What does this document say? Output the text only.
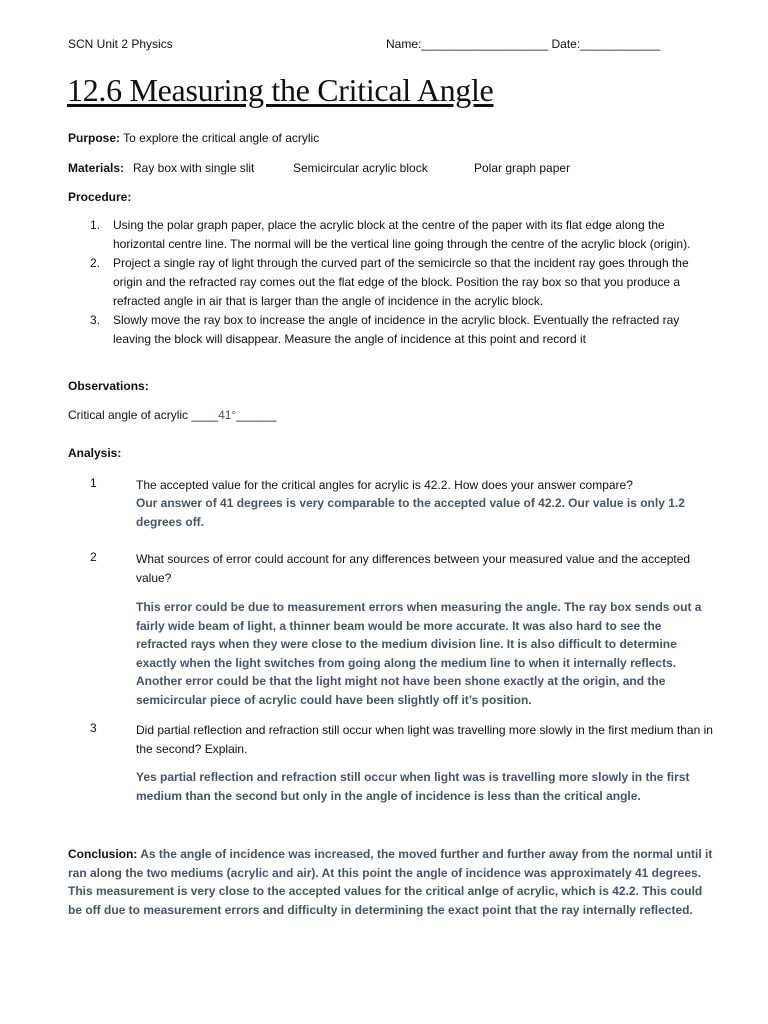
SCN Unit 2 Physics	Name:___________________ Date:____________
12.6 Measuring the Critical Angle
Purpose: To explore the critical angle of acrylic
Materials: Ray box with single slit	Semicircular acrylic block	Polar graph paper
Procedure:
1. Using the polar graph paper, place the acrylic block at the centre of the paper with its flat edge along the horizontal centre line. The normal will be the vertical line going through the centre of the acrylic block (origin).
2. Project a single ray of light through the curved part of the semicircle so that the incident ray goes through the origin and the refracted ray comes out the flat edge of the block. Position the ray box so that you produce a refracted angle in air that is larger than the angle of incidence in the acrylic block.
3. Slowly move the ray box to increase the angle of incidence in the acrylic block. Eventually the refracted ray leaving the block will disappear. Measure the angle of incidence at this point and record it
Observations:
Critical angle of acrylic ____41°______
Analysis:
1	The accepted value for the critical angles for acrylic is 42.2. How does your answer compare?
Our answer of 41 degrees is very comparable to the accepted value of 42.2. Our value is only 1.2 degrees off.
2	What sources of error could account for any differences between your measured value and the accepted value?
This error could be due to measurement errors when measuring the angle. The ray box sends out a fairly wide beam of light, a thinner beam would be more accurate. It was also hard to see the refracted rays when they were close to the medium division line. It is also difficult to determine exactly when the light switches from going along the medium line to when it internally reflects. Another error could be that the light might not have been shone exactly at the origin, and the semicircular piece of acrylic could have been slightly off it’s position.
3	Did partial reflection and refraction still occur when light was travelling more slowly in the first medium than in the second? Explain.
Yes partial reflection and refraction still occur when light was is travelling more slowly in the first medium than the second but only in the angle of incidence is less than the critical angle.
Conclusion: As the angle of incidence was increased, the moved further and further away from the normal until it ran along the two mediums (acrylic and air). At this point the angle of incidence was approximately 41 degrees. This measurement is very close to the accepted values for the critical anlge of acrylic, which is 42.2. This could be off due to measurement errors and difficulty in determining the exact point that the ray internally reflected.
